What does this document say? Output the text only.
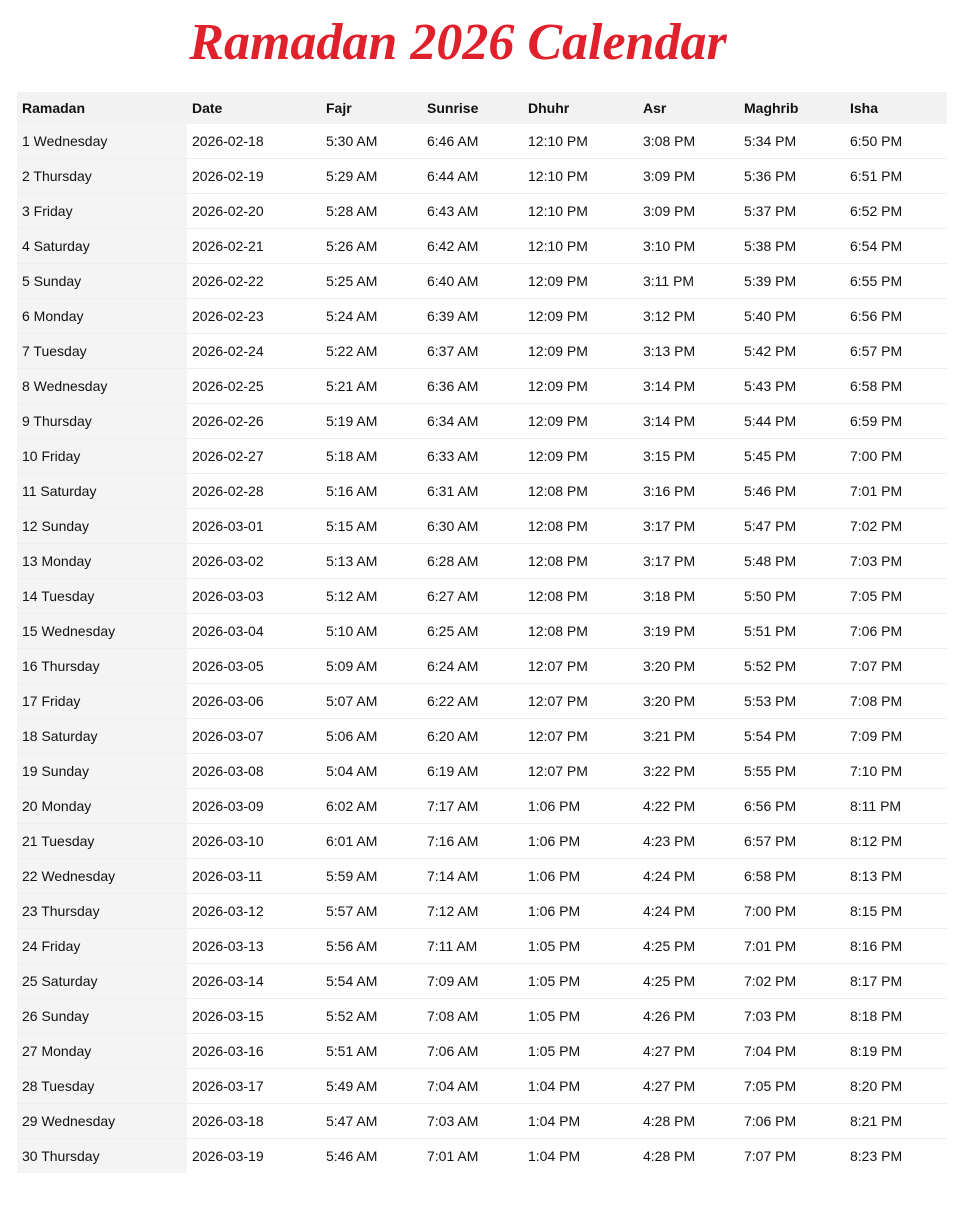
Ramadan 2026 Calendar
Ramadan	Date	Fajr	Sunrise	Dhuhr	Asr	Maghrib	Isha
1 Wednesday	2026-02-18	5:30 AM	6:46 AM	12:10 PM	3:08 PM	5:34 PM	6:50 PM
2 Thursday	2026-02-19	5:29 AM	6:44 AM	12:10 PM	3:09 PM	5:36 PM	6:51 PM
3 Friday	2026-02-20	5:28 AM	6:43 AM	12:10 PM	3:09 PM	5:37 PM	6:52 PM
4 Saturday	2026-02-21	5:26 AM	6:42 AM	12:10 PM	3:10 PM	5:38 PM	6:54 PM
5 Sunday	2026-02-22	5:25 AM	6:40 AM	12:09 PM	3:11 PM	5:39 PM	6:55 PM
6 Monday	2026-02-23	5:24 AM	6:39 AM	12:09 PM	3:12 PM	5:40 PM	6:56 PM
7 Tuesday	2026-02-24	5:22 AM	6:37 AM	12:09 PM	3:13 PM	5:42 PM	6:57 PM
8 Wednesday	2026-02-25	5:21 AM	6:36 AM	12:09 PM	3:14 PM	5:43 PM	6:58 PM
9 Thursday	2026-02-26	5:19 AM	6:34 AM	12:09 PM	3:14 PM	5:44 PM	6:59 PM
10 Friday	2026-02-27	5:18 AM	6:33 AM	12:09 PM	3:15 PM	5:45 PM	7:00 PM
11 Saturday	2026-02-28	5:16 AM	6:31 AM	12:08 PM	3:16 PM	5:46 PM	7:01 PM
12 Sunday	2026-03-01	5:15 AM	6:30 AM	12:08 PM	3:17 PM	5:47 PM	7:02 PM
13 Monday	2026-03-02	5:13 AM	6:28 AM	12:08 PM	3:17 PM	5:48 PM	7:03 PM
14 Tuesday	2026-03-03	5:12 AM	6:27 AM	12:08 PM	3:18 PM	5:50 PM	7:05 PM
15 Wednesday	2026-03-04	5:10 AM	6:25 AM	12:08 PM	3:19 PM	5:51 PM	7:06 PM
16 Thursday	2026-03-05	5:09 AM	6:24 AM	12:07 PM	3:20 PM	5:52 PM	7:07 PM
17 Friday	2026-03-06	5:07 AM	6:22 AM	12:07 PM	3:20 PM	5:53 PM	7:08 PM
18 Saturday	2026-03-07	5:06 AM	6:20 AM	12:07 PM	3:21 PM	5:54 PM	7:09 PM
19 Sunday	2026-03-08	5:04 AM	6:19 AM	12:07 PM	3:22 PM	5:55 PM	7:10 PM
20 Monday	2026-03-09	6:02 AM	7:17 AM	1:06 PM	4:22 PM	6:56 PM	8:11 PM
21 Tuesday	2026-03-10	6:01 AM	7:16 AM	1:06 PM	4:23 PM	6:57 PM	8:12 PM
22 Wednesday	2026-03-11	5:59 AM	7:14 AM	1:06 PM	4:24 PM	6:58 PM	8:13 PM
23 Thursday	2026-03-12	5:57 AM	7:12 AM	1:06 PM	4:24 PM	7:00 PM	8:15 PM
24 Friday	2026-03-13	5:56 AM	7:11 AM	1:05 PM	4:25 PM	7:01 PM	8:16 PM
25 Saturday	2026-03-14	5:54 AM	7:09 AM	1:05 PM	4:25 PM	7:02 PM	8:17 PM
26 Sunday	2026-03-15	5:52 AM	7:08 AM	1:05 PM	4:26 PM	7:03 PM	8:18 PM
27 Monday	2026-03-16	5:51 AM	7:06 AM	1:05 PM	4:27 PM	7:04 PM	8:19 PM
28 Tuesday	2026-03-17	5:49 AM	7:04 AM	1:04 PM	4:27 PM	7:05 PM	8:20 PM
29 Wednesday	2026-03-18	5:47 AM	7:03 AM	1:04 PM	4:28 PM	7:06 PM	8:21 PM
30 Thursday	2026-03-19	5:46 AM	7:01 AM	1:04 PM	4:28 PM	7:07 PM	8:23 PM
